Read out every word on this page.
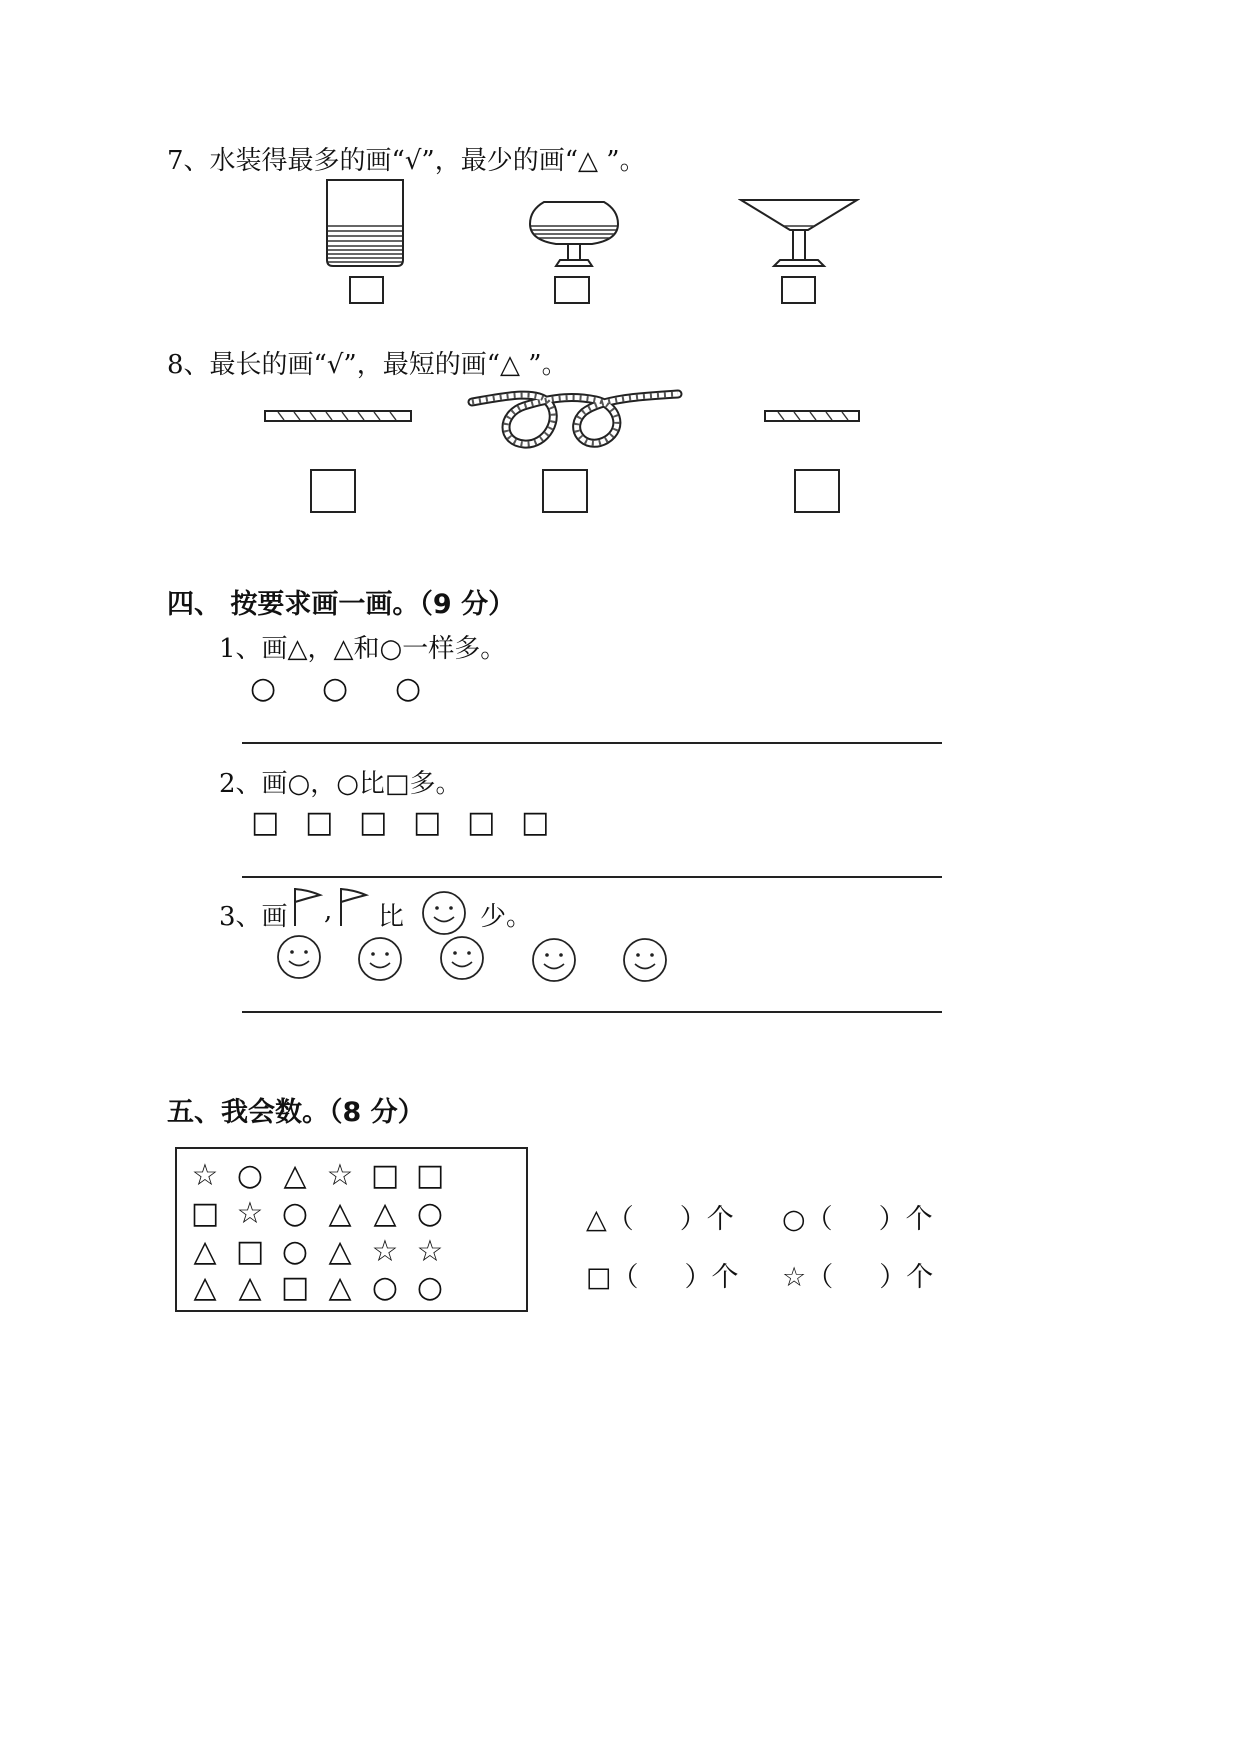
7、水装得最多的画“√”，最少的画“△ ”。
8、最长的画“√”，最短的画“△ ”。
四、 按要求画一画。（9 分）
1、画△，△和○一样多。
○ ○ ○
2、画○，○比□多。
□ □ □ □ □ □
3、画 , 比	少。
五、我会数。（8 分）
☆ ○ △ ☆ □ □
□ ☆ ○ △ △ ○
△ □ ○ △ ☆ ☆
△ △ □ △ ○ ○
△（ ）个 ○（ ）个
□（ ）个 ☆（ ）个
